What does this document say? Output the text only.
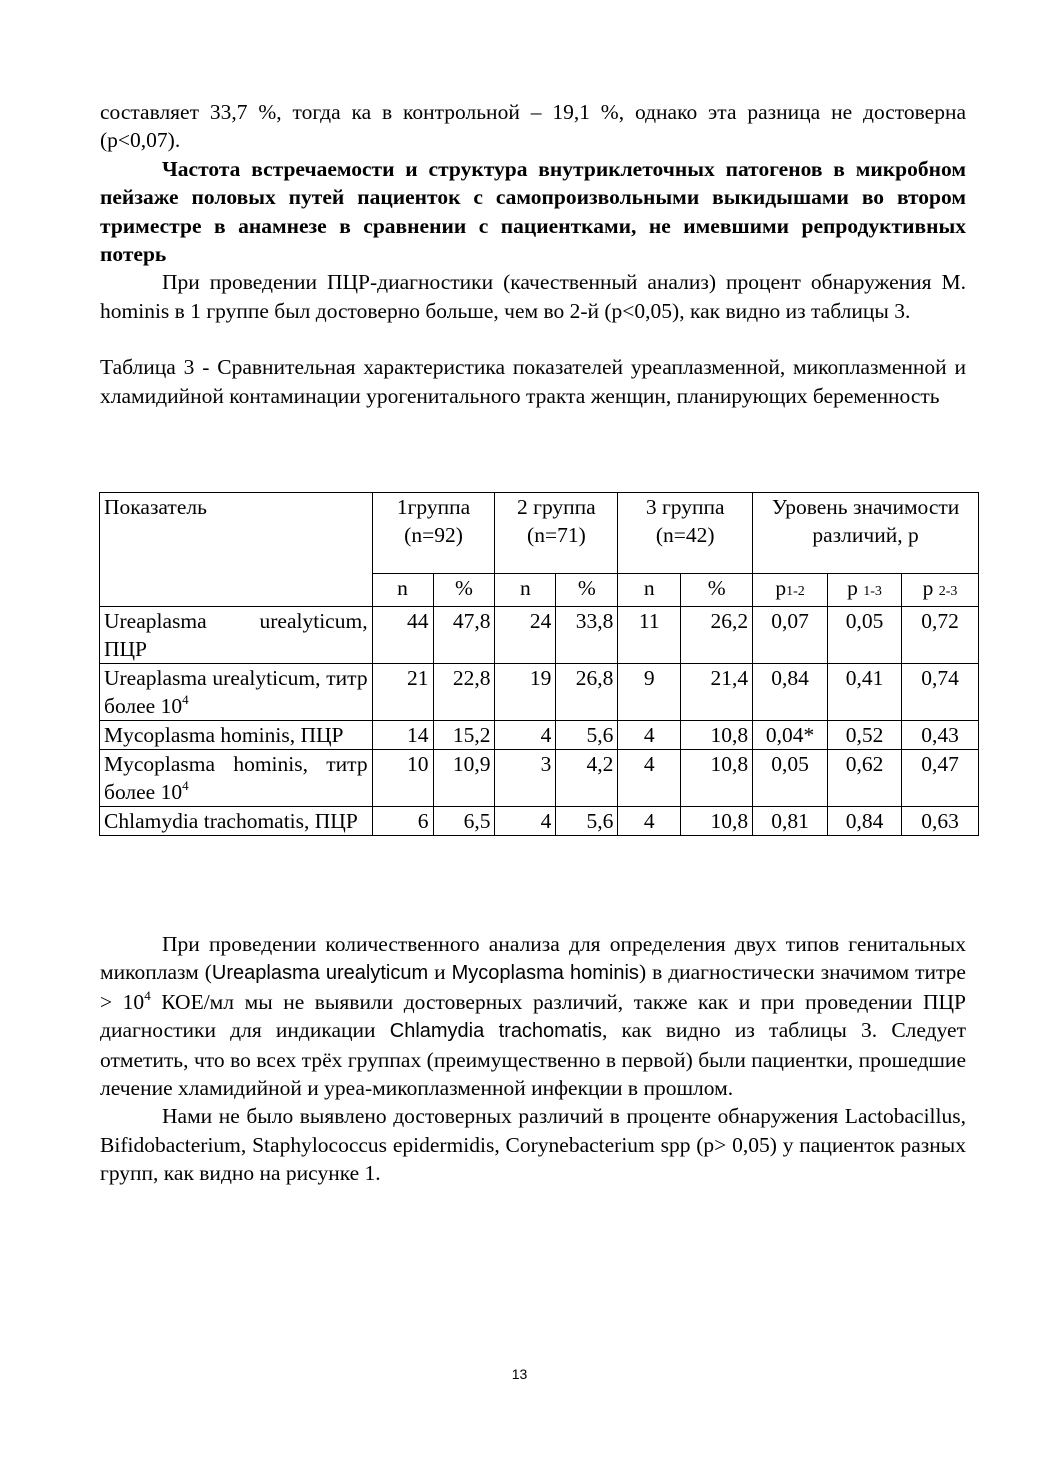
составляет 33,7 %, тогда ка в контрольной – 19,1 %, однако эта разница не достоверна (p<0,07).

Частота встречаемости и структура внутриклеточных патогенов в микробном пейзаже половых путей пациенток с самопроизвольными выкидышами во втором триместре в анамнезе в сравнении с пациентками, не имевшими репродуктивных потерь

При проведении ПЦР-диагностики (качественный анализ) процент обнаружения M. hominis в 1 группе был достоверно больше, чем во 2-й (p<0,05), как видно из таблицы 3.

Таблица 3 - Сравнительная характеристика показателей уреаплазменной, микоплазменной и хламидийной контаминации урогенитального тракта женщин, планирующих беременность

Показатель	1группа (n=92)		2 группа (n=71)		3 группа (n=42)		Уровень значимости различий, р		
	n	%	n	%	n	%	p1-2	p 1-3	p 2-3
Ureaplasma urealyticum, ПЦР	44	47,8	24	33,8	11	26,2	0,07	0,05	0,72
Ureaplasma urealyticum, титр более $10^4$	21	22,8	19	26,8	9	21,4	0,84	0,41	0,74
Mycoplasma hominis, ПЦР	14	15,2	4	5,6	4	10,8	0,04*	0,52	0,43
Mycoplasma hominis, титр более $10^4$	10	10,9	3	4,2	4	10,8	0,05	0,62	0,47
Chlamydia trachomatis, ПЦР	6	6,5	4	5,6	4	10,8	0,81	0,84	0,63

При проведении количественного анализа для определения двух типов генитальных микоплазм (Ureaplasma urealyticum и Mycoplasma hominis) в диагностически значимом титре > $10^4$ КОЕ/мл мы не выявили достоверных различий, также как и при проведении ПЦР диагностики для индикации Chlamydia trachomatis, как видно из таблицы 3. Следует отметить, что во всех трёх группах (преимущественно в первой) были пациентки, прошедшие лечение хламидийной и уреа-микоплазменной инфекции в прошлом.

Нами не было выявлено достоверных различий в проценте обнаружения Lactobacillus, Bifidobacterium, Staphylococcus epidermidis, Corynebacterium spp (p> 0,05) у пациенток разных групп, как видно на рисунке 1.

13
